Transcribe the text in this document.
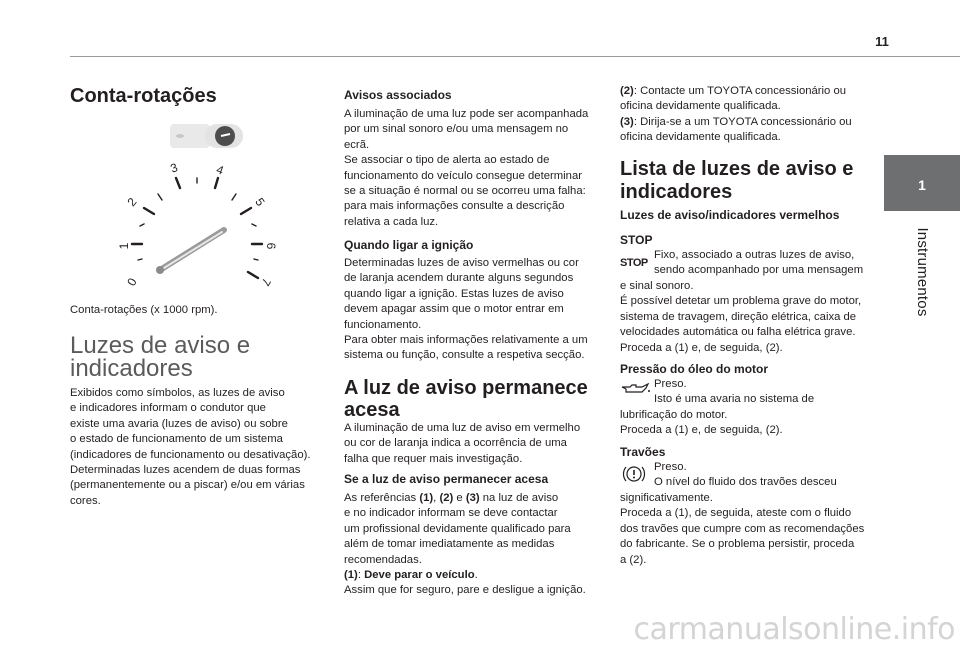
11
1
Instrumentos
Conta-rotações
0
1
2
3	4
5
6
7
Conta-rotações (x 1000 rpm).
Luzes de aviso e
indicadores
Exibidos como símbolos, as luzes de aviso
e indicadores informam o condutor que
existe uma avaria (luzes de aviso) ou sobre
o estado de funcionamento de um sistema
(indicadores de funcionamento ou desativação).
Determinadas luzes acendem de duas formas
(permanentemente ou a piscar) e/ou em várias
cores.
Avisos associados
A iluminação de uma luz pode ser acompanhada
por um sinal sonoro e/ou uma mensagem no
ecrã.
Se associar o tipo de alerta ao estado de
funcionamento do veículo consegue determinar
se a situação é normal ou se ocorreu uma falha:
para mais informações consulte a descrição
relativa a cada luz.
Quando ligar a ignição
Determinadas luzes de aviso vermelhas ou cor
de laranja acendem durante alguns segundos
quando ligar a ignição. Estas luzes de aviso
devem apagar assim que o motor entrar em
funcionamento.
Para obter mais informações relativamente a um
sistema ou função, consulte a respetiva secção.
A luz de aviso permanece
acesa
A iluminação de uma luz de aviso em vermelho
ou cor de laranja indica a ocorrência de uma
falha que requer mais investigação.
Se a luz de aviso permanecer acesa
As referências (1), (2) e (3) na luz de aviso
e no indicador informam se deve contactar
um profissional devidamente qualificado para
além de tomar imediatamente as medidas
recomendadas.
(1): Deve parar o veículo.
Assim que for seguro, pare e desligue a ignição.
(2): Contacte um TOYOTA concessionário ou
oficina devidamente qualificada.
(3): Dirija-se a um TOYOTA concessionário ou
oficina devidamente qualificada.
Lista de luzes de aviso e
indicadores
Luzes de aviso/indicadores vermelhos
STOP
STOP
Fixo, associado a outras luzes de aviso,
sendo acompanhado por uma mensagem
e sinal sonoro.
É possível detetar um problema grave do motor,
sistema de travagem, direção elétrica, caixa de
velocidades automática ou falha elétrica grave.
Proceda a (1) e, de seguida, (2).
Pressão do óleo do motor
Preso.
Isto é uma avaria no sistema de
lubrificação do motor.
Proceda a (1) e, de seguida, (2).
Travões
Preso.
O nível do fluido dos travões desceu
significativamente.
Proceda a (1), de seguida, ateste com o fluido
dos travões que cumpre com as recomendações
do fabricante. Se o problema persistir, proceda
a (2).
carmanualsonline.info
